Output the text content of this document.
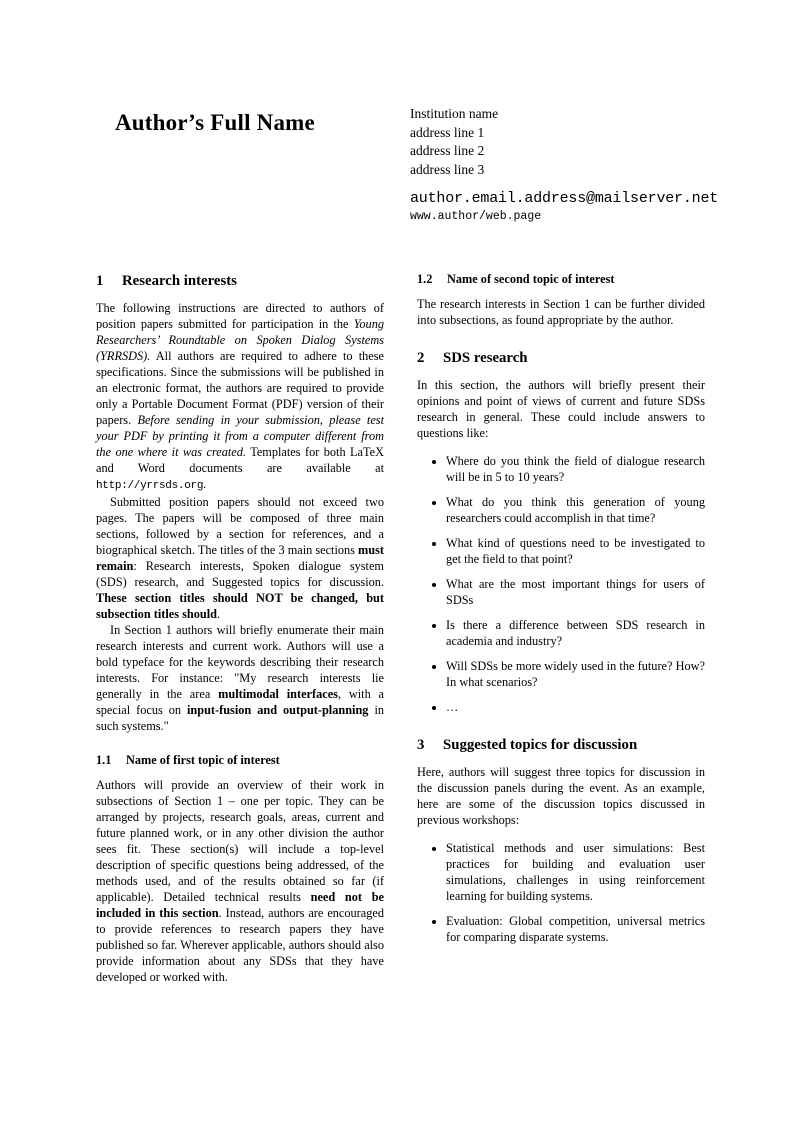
Author’s Full Name	Institution name
address line 1
address line 2
address line 3
author.email.address@mailserver.net
www.author/web.page
1	Research interests

The following instructions are directed to authors of position papers submitted for participation in the Young Researchers’ Roundtable on Spoken Dialog Systems (YRRSDS). All authors are required to adhere to these specifications. Since the submissions will be published in an electronic format, the authors are required to provide only a Portable Document Format (PDF) version of their papers. Before sending in your submission, please test your PDF by printing it from a computer different from the one where it was created. Templates for both LaTeX and Word documents are available at http://yrrsds.org.

Submitted position papers should not exceed two pages. The papers will be composed of three main sections, followed by a section for references, and a biographical sketch. The titles of the 3 main sections must remain: Research interests, Spoken dialogue system (SDS) research, and Suggested topics for discussion. These section titles should NOT be changed, but subsection titles should.

In Section 1 authors will briefly enumerate their main research interests and current work. Authors will use a bold typeface for the keywords describing their research interests. For instance: "My research interests lie generally in the area multimodal interfaces, with a special focus on input-fusion and output-planning in such systems."

1.1	Name of first topic of interest

Authors will provide an overview of their work in subsections of Section 1 – one per topic. They can be arranged by projects, research goals, areas, current and future planned work, or in any other division the author sees fit. These section(s) will include a top-level description of specific questions being addressed, of the methods used, and of the results obtained so far (if applicable). Detailed technical results need not be included in this section. Instead, authors are encouraged to provide references to research papers they have published so far. Wherever applicable, authors should also provide information about any SDSs that they have developed or worked with.

1.2	Name of second topic of interest

The research interests in Section 1 can be further divided into subsections, as found appropriate by the author.

2	SDS research

In this section, the authors will briefly present their opinions and point of views of current and future SDSs research in general. These could include answers to questions like:

• Where do you think the field of dialogue research will be in 5 to 10 years?
• What do you think this generation of young researchers could accomplish in that time?
• What kind of questions need to be investigated to get the field to that point?
• What are the most important things for users of SDSs
• Is there a difference between SDS research in academia and industry?
• Will SDSs be more widely used in the future? How? In what scenarios?
• …
3	Suggested topics for discussion

Here, authors will suggest three topics for discussion in the discussion panels during the event. As an example, here are some of the discussion topics discussed in previous workshops:

• Statistical methods and user simulations: Best practices for building and evaluation user simulations, challenges in using reinforcement learning for building systems.
• Evaluation: Global competition, universal metrics for comparing disparate systems.
